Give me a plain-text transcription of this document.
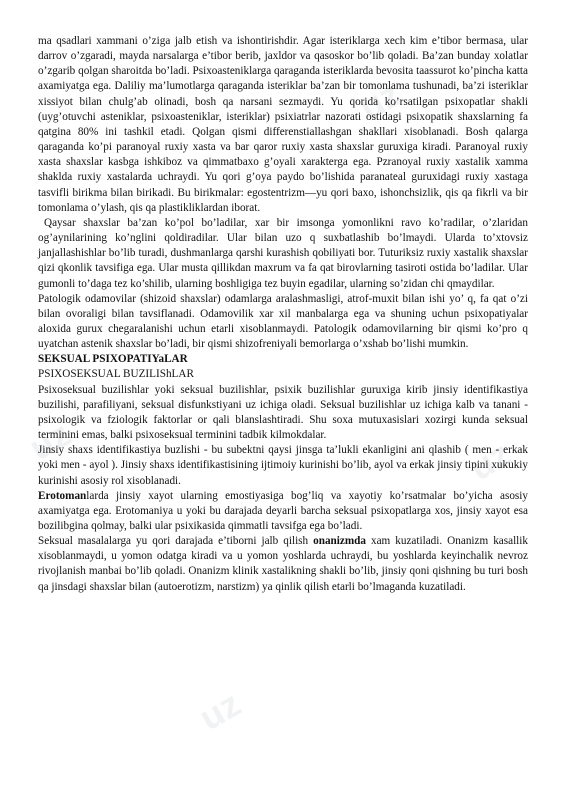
uz
uz
uz
uz

ma qsadlari xammani o’ziga jalb etish va ishontirishdir. Agar isteriklarga xech kim e’tibor bermasa, ular darrov o’zgaradi, mayda narsalarga e’tibor berib, jaxldor va qasoskor bo’lib qoladi. Ba’zan bunday xolatlar o’zgarib qolgan sharoitda bo’ladi. Psixoasteniklarga qaraganda isteriklarda bevosita taassurot ko’pincha katta axamiyatga ega. Daliliy ma’lumotlarga qaraganda isteriklar ba’zan bir tomonlama tushunadi, ba’zi isteriklar xissiyot bilan chulg’ab olinadi, bosh qa narsani sezmaydi. Yu qorida ko’rsatilgan psixopatlar shakli (uyg’otuvchi asteniklar, psixoasteniklar, isteriklar) psixiatrlar nazorati ostidagi psixopatik shaxslarning fa qatgina 80% ini tashkil etadi. Qolgan qismi differenstiallashgan shakllari xisoblanadi. Bosh qalarga qaraganda ko’pi paranoyal ruxiy xasta va bar qaror ruxiy xasta shaxslar guruxiga kiradi. Paranoyal ruxiy xasta shaxslar kasbga ishkiboz va qimmatbaxo g’oyali xarakterga ega. Pzranoyal ruxiy xastalik xamma shaklda ruxiy xastalarda uchraydi. Yu qori g’oya paydo bo’lishida paranateal guruxidagi ruxiy xastaga tasvifli birikma bilan birikadi. Bu birikmalar: egostentrizm—yu qori baxo, ishonchsizlik, qis qa fikrli va bir tomonlama o’ylash, qis qa plastikliklardan iborat.

Qaysar shaxslar ba’zan ko’pol bo’ladilar, xar bir imsonga yomonlikni ravo ko’radilar, o’zlaridan og’aynilarining ko’nglini qoldiradilar. Ular bilan uzo q suxbatlashib bo’lmaydi. Ularda to’xtovsiz janjallashishlar bo’lib turadi, dushmanlarga qarshi kurashish qobiliyati bor. Tuturiksiz ruxiy xastalik shaxslar qizi qkonlik tavsifiga ega. Ular musta qillikdan maxrum va fa qat birovlarning tasiroti ostida bo’ladilar. Ular gumonli to’daga tez ko’shilib, ularning boshligiga tez buyin egadilar, ularning so’zidan chi qmaydilar.

Patologik odamovilar (shizoid shaxslar) odamlarga aralashmasligi, atrof-muxit bilan ishi yo’ q, fa qat o’zi bilan ovoraligi bilan tavsiflanadi. Odamovilik xar xil manbalarga ega va shuning uchun psixopatiyalar aloxida gurux chegaralanishi uchun etarli xisoblanmaydi. Patologik odamovilarning bir qismi ko’pro q uyatchan astenik shaxslar bo’ladi, bir qismi shizofreniyali bemorlarga o’xshab bo’lishi mumkin.

SEKSUAL PSIXOPATIYaLAR

PSIXOSEKSUAL BUZILIShLAR

Psixoseksual buzilishlar yoki seksual buzilishlar, psixik buzilishlar guruxiga kirib jinsiy identifikastiya buzilishi, parafiliyani, seksual disfunkstiyani uz ichiga oladi. Seksual buzilishlar uz ichiga kalb va tanani - psixologik va fziologik faktorlar or qali blanslashtiradi. Shu soxa mutuxasislari xozirgi kunda seksual terminini emas, balki psixoseksual terminini tadbik kilmokdalar.

Jinsiy shaxs identifikastiya buzlishi - bu subektni qaysi jinsga ta’lukli ekanligini ani qlashib ( men - erkak yoki men - ayol ). Jinsiy shaxs identifikastisining ijtimoiy kurinishi bo’lib, ayol va erkak jinsiy tipini xukukiy kurinishi asosiy rol xisoblanadi.

Erotomanlarda jinsiy xayot ularning emostiyasiga bog’liq va xayotiy ko’rsatmalar bo’yicha asosiy axamiyatga ega. Erotomaniya u yoki bu darajada deyarli barcha seksual psixopatlarga xos, jinsiy xayot esa bozilibgina qolmay, balki ular psixikasida qimmatli tavsifga ega bo’ladi.

Seksual masalalarga yu qori darajada e’tiborni jalb qilish onanizmda xam kuzatiladi. Onanizm kasallik xisoblanmaydi, u yomon odatga kiradi va u yomon yoshlarda uchraydi, bu yoshlarda keyinchalik nevroz rivojlanish manbai bo’lib qoladi. Onanizm klinik xastalikning shakli bo’lib, jinsiy qoni qishning bu turi bosh qa jinsdagi shaxslar bilan (autoerotizm, narstizm) ya qinlik qilish etarli bo’lmaganda kuzatiladi.
